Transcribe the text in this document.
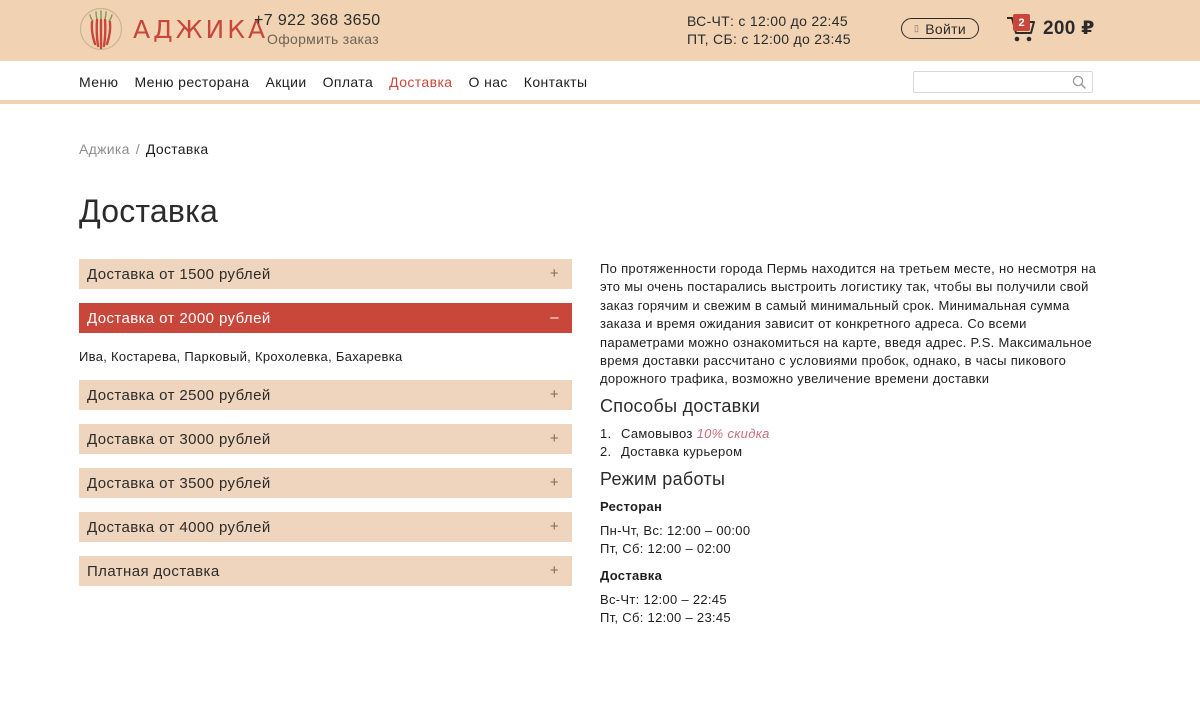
АДЖИКА
+7 922 368 3650
Оформить заказ
ВС-ЧТ: с 12:00 до 22:45
ПТ, СБ: с 12:00 до 23:45
▯ Войти	2 200 ₽
Меню Меню ресторана Акции Оплата Доставка О нас Контакты
Аджика / Доставка
Доставка
Доставка от 1500 рублей	+
Доставка от 2000 рублей	–
Ива, Костарева, Парковый, Крохолевка, Бахаревка
Доставка от 2500 рублей	+
Доставка от 3000 рублей	+
Доставка от 3500 рублей	+
Доставка от 4000 рублей	+
Платная доставка	+

По протяженности города Пермь находится на третьем месте, но несмотря на это мы очень постарались выстроить логистику так, чтобы вы получили свой заказ горячим и свежим в самый минимальный срок. Минимальная сумма заказа и время ожидания зависит от конкретного адреса. Со всеми параметрами можно ознакомиться на карте, введя адрес. P.S. Максимальное время доставки рассчитано с условиями пробок, однако, в часы пикового дорожного трафика, возможно увеличение времени доставки

Способы доставки
1. Самовывоз 10% скидка
2. Доставка курьером
Режим работы
Ресторан
Пн-Чт, Вс: 12:00 – 00:00
Пт, Сб: 12:00 – 02:00
Доставка
Вс-Чт: 12:00 – 22:45
Пт, Сб: 12:00 – 23:45
